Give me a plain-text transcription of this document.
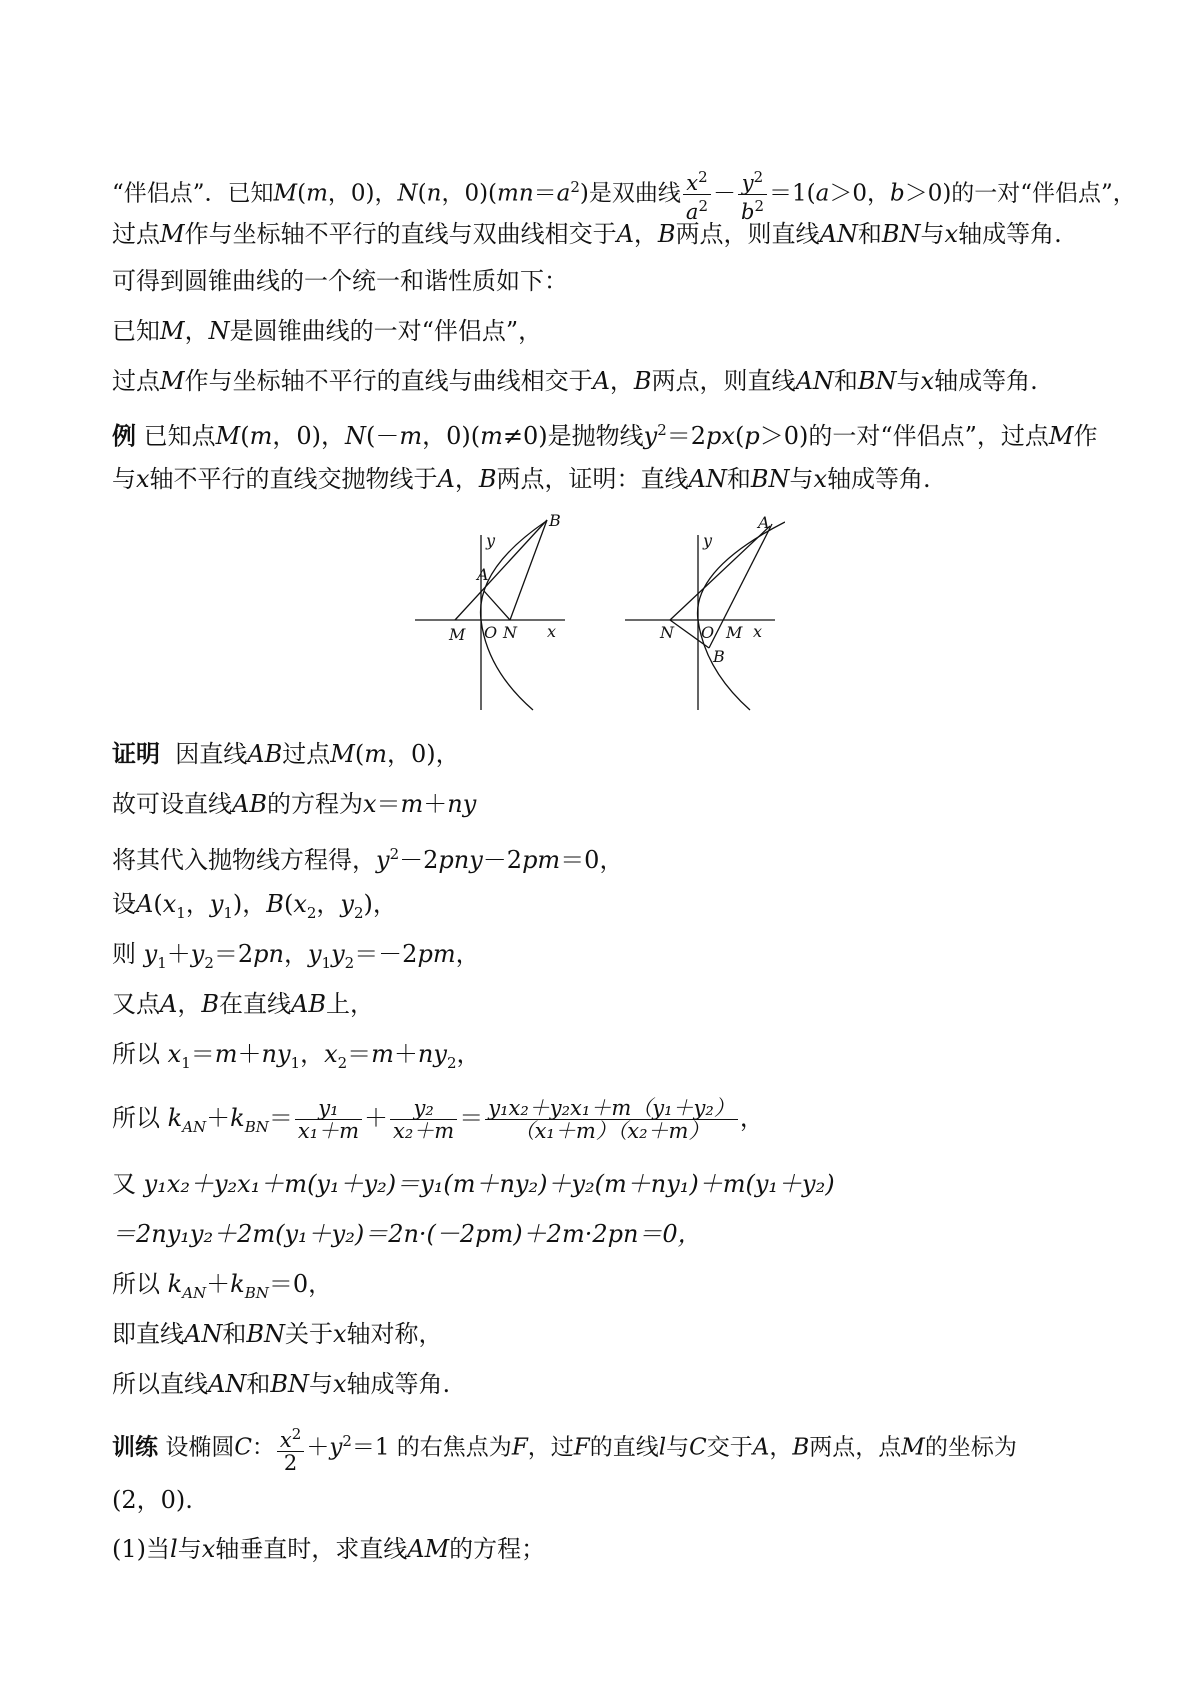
“伴侣点”．已知M(m，0)，N(n，$0)(mn=a^2)$是双曲线 $\frac{x^2}{a^2} - \frac{y^2}{b^2} =1(a>0$，b＞0)的一对“伴侣点”，
过点M作与坐标轴不平行的直线与双曲线相交于A，B两点，则直线AN和BN与x轴成等角.
可得到圆锥曲线的一个统一和谐性质如下：
已知M，N是圆锥曲线的一对“伴侣点”，
过点M作与坐标轴不平行的直线与曲线相交于A，B两点，则直线AN和BN与x轴成等角.
例 已知点M(m，0)，N(－m，0)(m≠0)是抛物线$y^2=2px(p>0)$的一对“伴侣点”，过点M作
与x轴不平行的直线交抛物线于A，B两点，证明：直线AN和BN与x轴成等角.
B
y
A
M O N x
A
y
N O M x
B
证明 因直线AB过点M(m，0)，
故可设直线AB的方程为x＝m＋ny
将其代入抛物线方程得，$y^2-2pny-2pm=0$，
设$A(x_1$，$y_1$)，$B(x_2$，$y_2$)，
则 $y_1+y_2=2pn$，$y_1y_2=-2pm$，
又点A，B在直线AB上，
所以 $x_1=m+ny_1$，$x_2=m+ny_2$，
所以 $k_{AN}+k_{BN}= \frac{\text{y₁}}{\text{x₁＋m}} + \frac{\text{y₂}}{\text{x₂＋m}} = \frac{\text{y₁x₂＋y₂x₁＋m（y₁＋y₂）}}{\text{（x₁＋m）（x₂＋m）}}$ ，
又 y₁x₂＋y₂x₁＋m(y₁＋y₂)＝y₁(m＋ny₂)＋y₂(m＋ny₁)＋m(y₁＋y₂)
＝2ny₁y₂＋2m(y₁＋y₂)＝2n·(－2pm)＋2m·2pn＝0，
所以 $k_{AN}+k_{BN}=0$，
即直线AN和BN关于x轴对称，
所以直线AN和BN与x轴成等角.
训练 设椭圆C： $\frac{x^2}{2} +y^2=1$ 的右焦点为F，过F的直线l与C交于A，B两点，点M的坐标为
(2，0).
(1)当l与x轴垂直时，求直线AM的方程；
